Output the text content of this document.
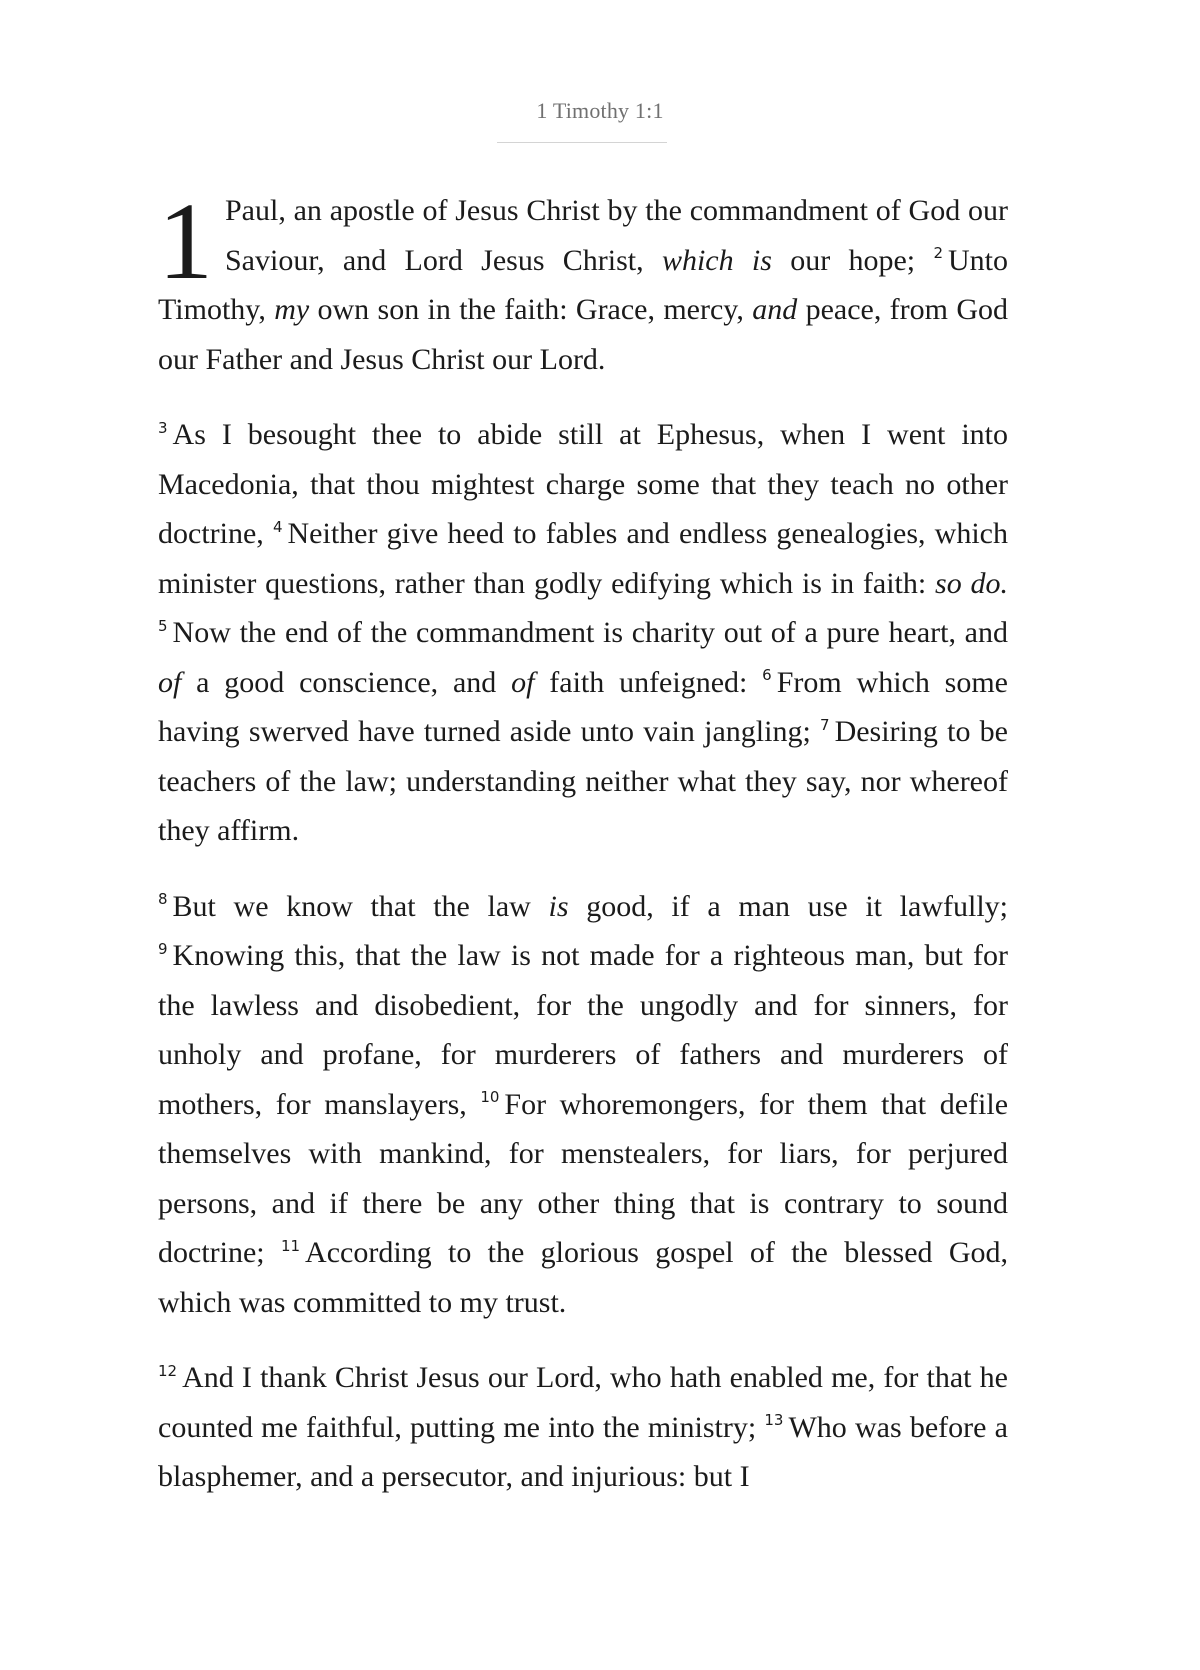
1 Timothy 1:1

1 Paul, an apostle of Jesus Christ by the commandment of God our Saviour, and Lord Jesus Christ, which is our hope; $^2$ Unto Timothy, my own son in the faith: Grace, mercy, and peace, from God our Father and Jesus Christ our Lord.

$^3$ As I besought thee to abide still at Ephesus, when I went into Macedonia, that thou mightest charge some that they teach no other doctrine, $^4$ Neither give heed to fables and endless genealogies, which minister questions, rather than godly edifying which is in faith: so do. $^5$ Now the end of the commandment is charity out of a pure heart, and of a good conscience, and of faith unfeigned: $^6$ From which some having swerved have turned aside unto vain jangling; $^7$ Desiring to be teachers of the law; understanding neither what they say, nor whereof they affirm.

$^8$ But we know that the law is good, if a man use it lawfully; $^9$ Knowing this, that the law is not made for a righteous man, but for the lawless and disobedient, for the ungodly and for sinners, for unholy and profane, for murderers of fathers and murderers of mothers, for manslayers, $^{10}$ For whoremongers, for them that defile themselves with mankind, for menstealers, for liars, for perjured persons, and if there be any other thing that is contrary to sound doctrine; $^{11}$ According to the glorious gospel of the blessed God, which was committed to my trust.

$^{12}$ And I thank Christ Jesus our Lord, who hath enabled me, for that he counted me faithful, putting me into the ministry; $^{13}$ Who was before a blasphemer, and a persecutor, and injurious: but I
